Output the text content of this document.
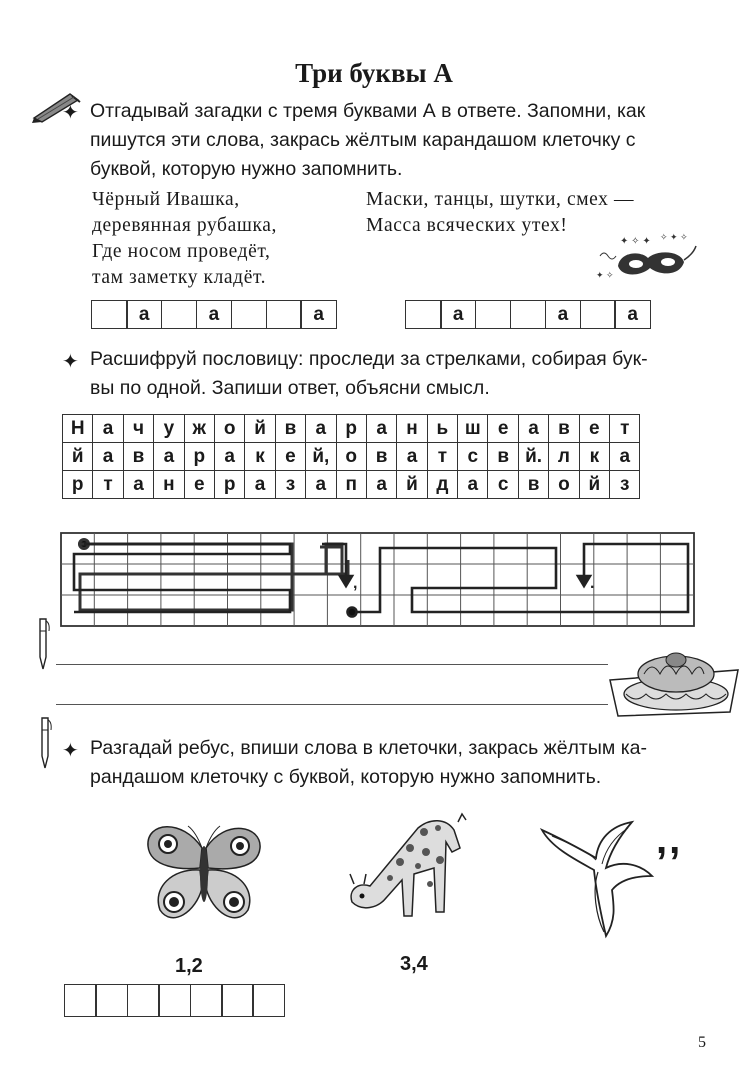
Три буквы А
✦ Отгадывай загадки с тремя буквами А в ответе. Запомни, как
пишутся эти слова, закрась жёлтым карандашом клеточку с
буквой, которую нужно запомнить.
Чёрный Ивашка,
деревянная рубашка,
Где носом проведёт,
там заметку кладёт.
Маски, танцы, шутки, смех —
Масса всяческих утех!
✦ ✧ ✦ ✧ ✦ ✧
✦ ✧
а	а	а	а	а	а
✦ Расшифруй пословицу: проследи за стрелками, собирая бук-
вы по одной. Запиши ответ, объясни смысл.
Н	а	ч	у	ж	о	й	в	а	р	а	н	ь	ш	е	а	в	е	т
й	а	в	а	р	а	к	е	й,	о	в	а	т	с	в	й.	л	к	а
р	т	а	н	е	р	а	з	а	п	а	й	д	а	с	в	о	й	з
,	.
✦ Разгадай ребус, впиши слова в клеточки, закрась жёлтым ка-
рандашом клеточку с буквой, которую нужно запомнить.
,,
1,2	3,4
5
